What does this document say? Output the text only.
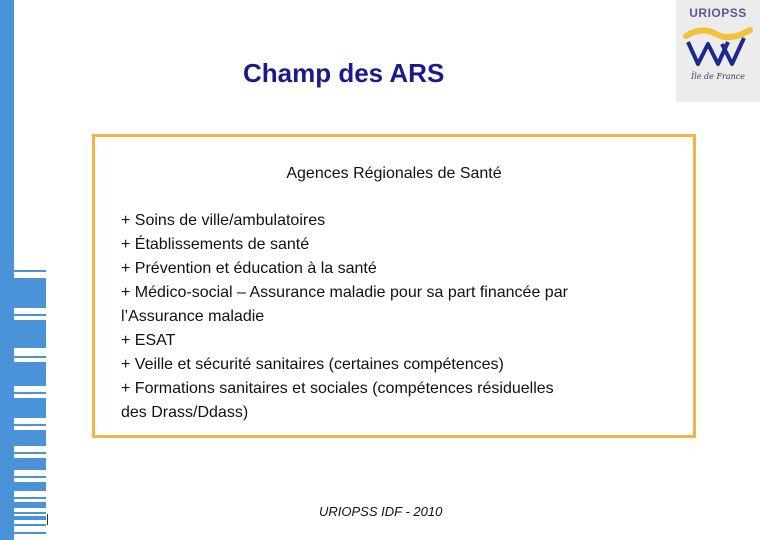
Champ des ARS
URIOPSS
Île de France
Agences Régionales de Santé
+ Soins de ville/ambulatoires
+ Établissements de santé
+ Prévention et éducation à la santé
+ Médico-social – Assurance maladie pour sa part financée par
l’Assurance maladie
+ ESAT
+ Veille et sécurité sanitaires (certaines compétences)
+ Formations sanitaires et sociales (compétences résiduelles
des Drass/Ddass)
URIOPSS IDF - 2010
